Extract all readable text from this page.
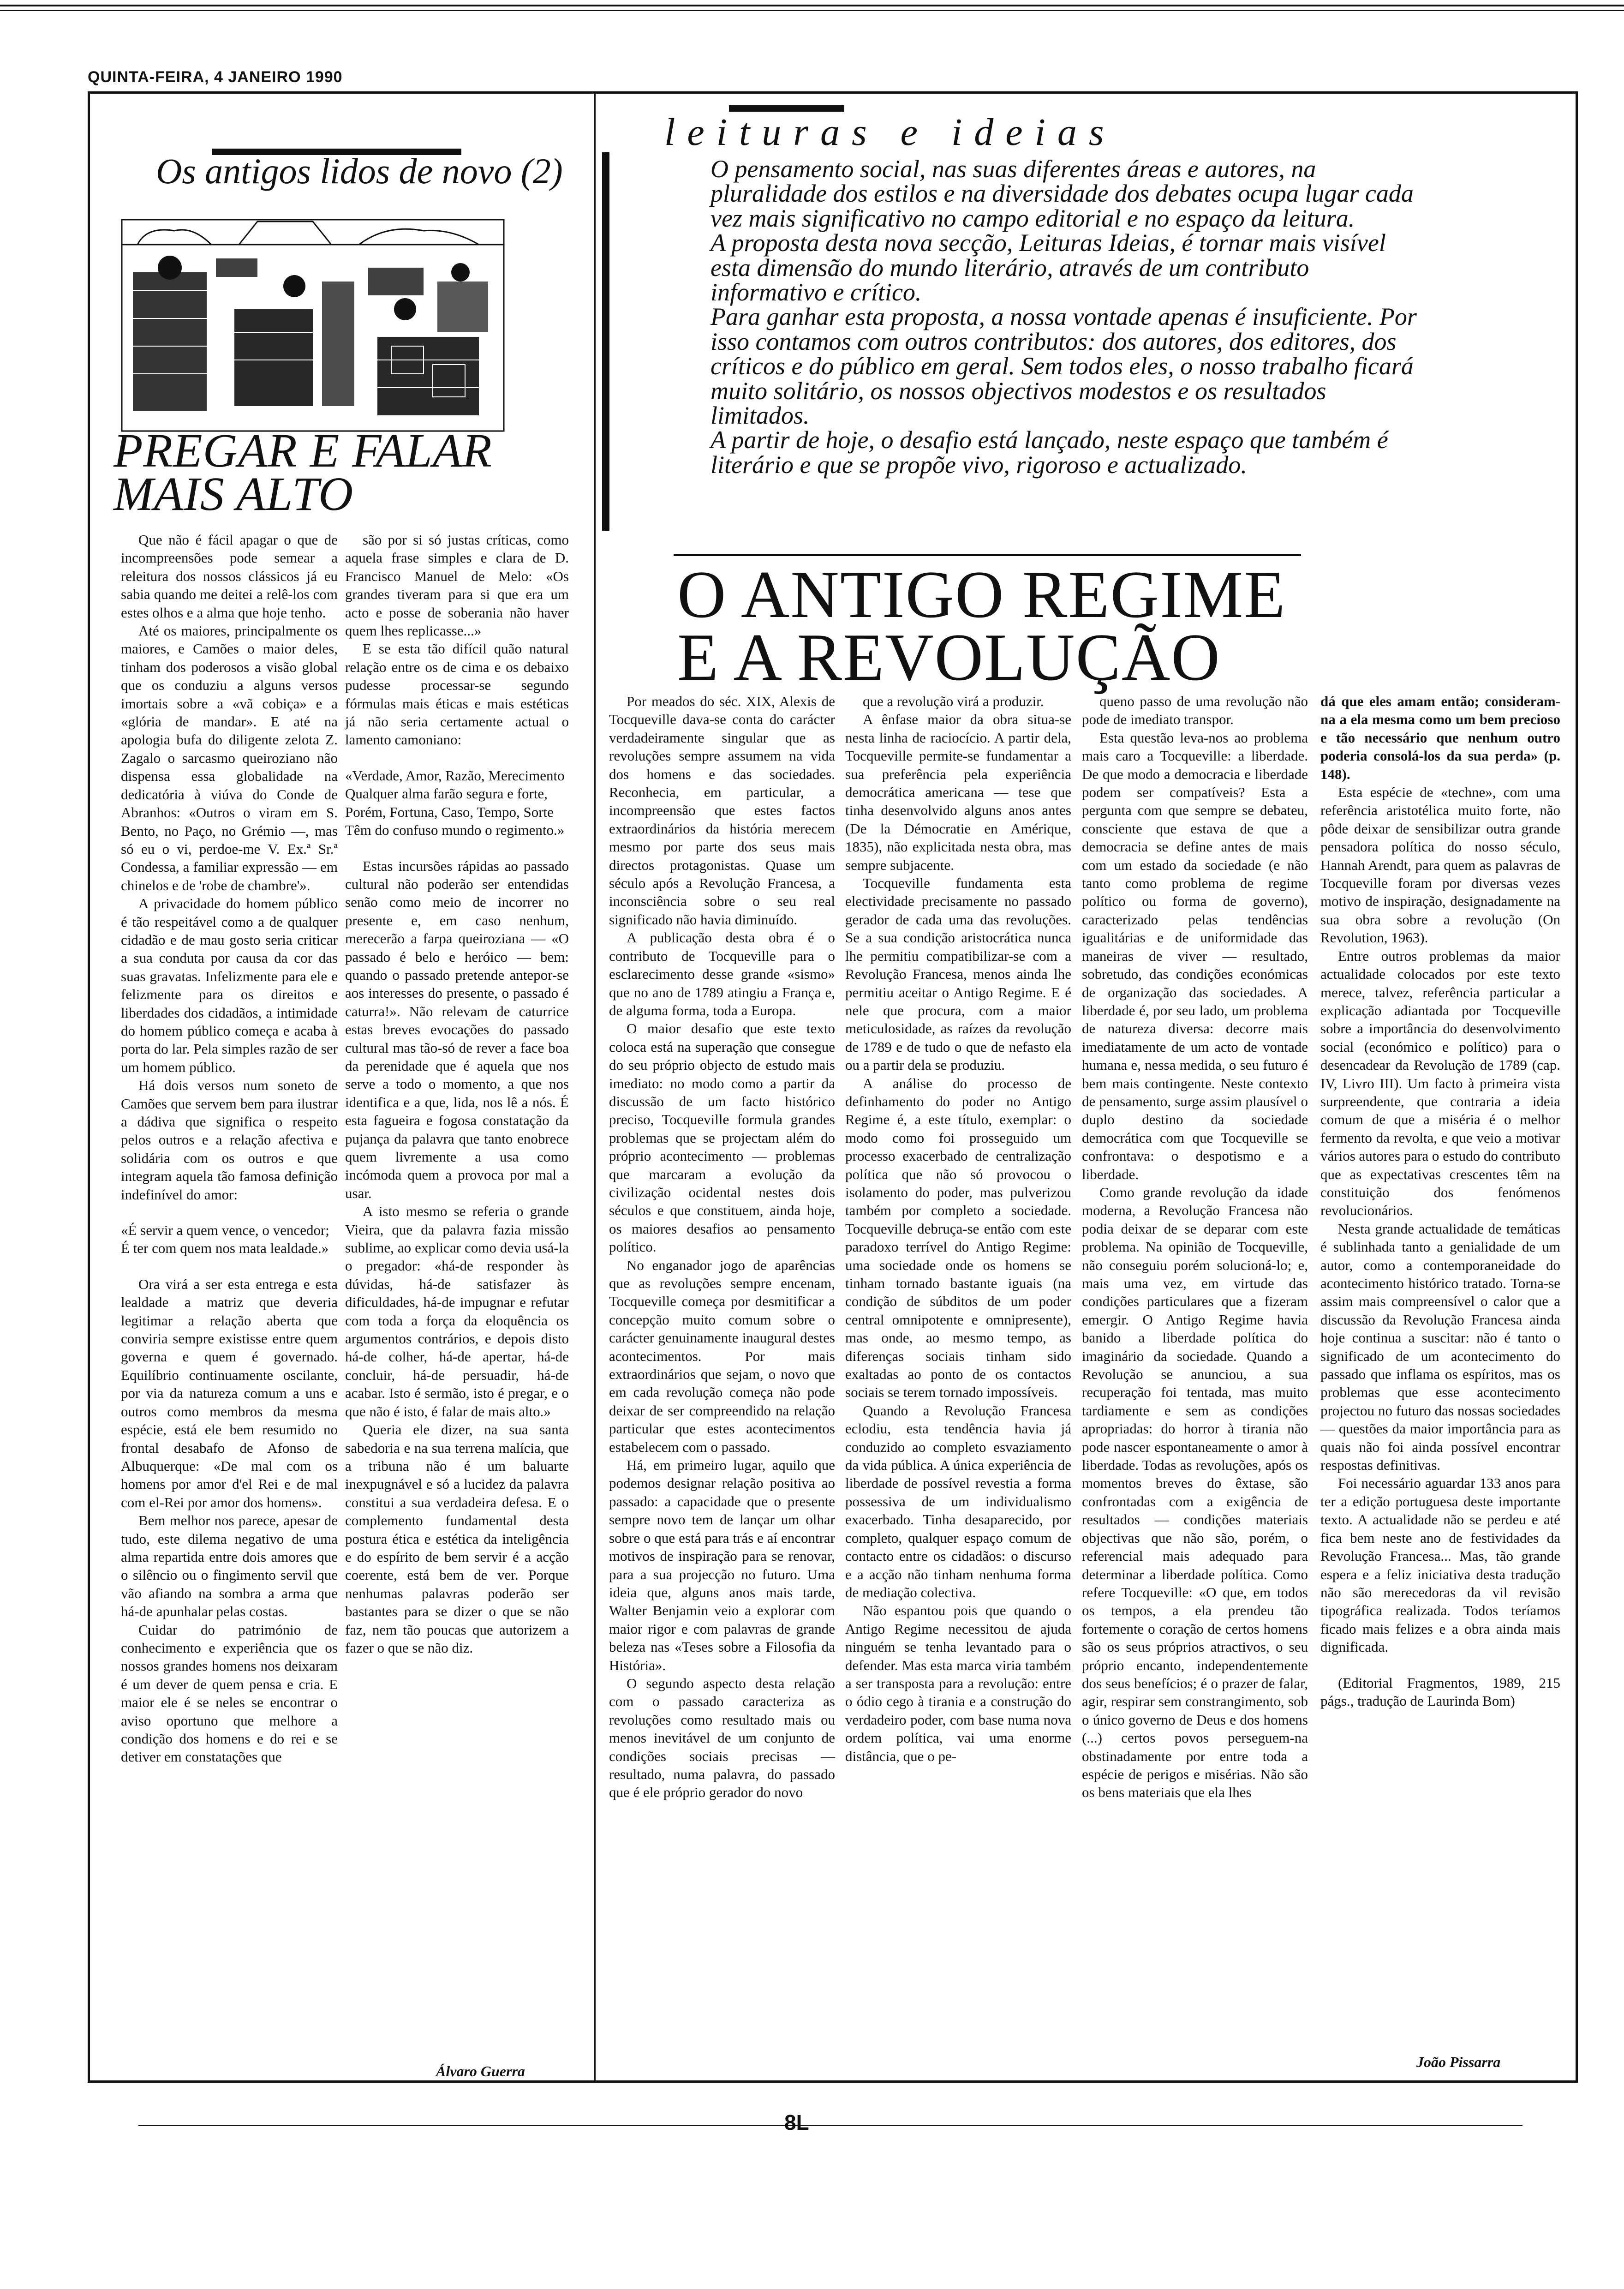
QUINTA-FEIRA, 4 JANEIRO 1990
Os antigos lidos de novo (2)
PREGAR E FALAR
MAIS ALTO

Que não é fácil apagar o que de incompreensões pode semear a releitura dos nossos clássicos já eu sabia quando me deitei a relê-los com estes olhos e a alma que hoje tenho.

Até os maiores, principalmente os maiores, e Camões o maior deles, tinham dos poderosos a visão global que os conduziu a alguns versos imortais sobre a «vã cobiça» e a «glória de mandar». E até na apologia bufa do diligente zelota Z. Zagalo o sarcasmo queiroziano não dispensa essa globalidade na dedicatória à viúva do Conde de Abranhos: «Outros o viram em S. Bento, no Paço, no Grémio —, mas só eu o vi, perdoe-me V. Ex.ª Sr.ª Condessa, a familiar expressão — em chinelos e de 'robe de chambre'».

A privacidade do homem público é tão respeitável como a de qualquer cidadão e de mau gosto seria criticar a sua conduta por causa da cor das suas gravatas. Infelizmente para ele e felizmente para os direitos e liberdades dos cidadãos, a intimidade do homem público começa e acaba à porta do lar. Pela simples razão de ser um homem público.

Há dois versos num soneto de Camões que servem bem para ilustrar a dádiva que significa o respeito pelos outros e a relação afectiva e solidária com os outros e que integram aquela tão famosa definição indefinível do amor:

«É servir a quem vence, o vencedor; É ter com quem nos mata lealdade.»

Ora virá a ser esta entrega e esta lealdade a matriz que deveria legitimar a relação aberta que conviria sempre existisse entre quem governa e quem é governado. Equilíbrio continuamente oscilante, por via da natureza comum a uns e outros como membros da mesma espécie, está ele bem resumido no frontal desabafo de Afonso de Albuquerque: «De mal com os homens por amor d'el Rei e de mal com el-Rei por amor dos homens».

Bem melhor nos parece, apesar de tudo, este dilema negativo de uma alma repartida entre dois amores que o silêncio ou o fingimento servil que vão afiando na sombra a arma que há-de apunhalar pelas costas.

Cuidar do património de conhecimento e experiência que os nossos grandes homens nos deixaram é um dever de quem pensa e cria. E maior ele é se neles se encontrar o aviso oportuno que melhore a condição dos homens e do rei e se detiver em constatações que

são por si só justas críticas, como aquela frase simples e clara de D. Francisco Manuel de Melo: «Os grandes tiveram para si que era um acto e posse de soberania não haver quem lhes replicasse...»

E se esta tão difícil quão natural relação entre os de cima e os debaixo pudesse processar-se segundo fórmulas mais éticas e mais estéticas já não seria certamente actual o lamento camoniano:

«Verdade, Amor, Razão, Merecimento Qualquer alma farão segura e forte, Porém, Fortuna, Caso, Tempo, Sorte Têm do confuso mundo o regimento.»

Estas incursões rápidas ao passado cultural não poderão ser entendidas senão como meio de incorrer no presente e, em caso nenhum, merecerão a farpa queiroziana — «O passado é belo e heróico — bem: quando o passado pretende antepor-se aos interesses do presente, o passado é caturra!». Não relevam de caturrice estas breves evocações do passado cultural mas tão-só de rever a face boa da perenidade que é aquela que nos serve a todo o momento, a que nos identifica e a que, lida, nos lê a nós. É esta fagueira e fogosa constatação da pujança da palavra que tanto enobrece quem livremente a usa como incómoda quem a provoca por mal a usar.

A isto mesmo se referia o grande Vieira, que da palavra fazia missão sublime, ao explicar como devia usá-la o pregador: «há-de responder às dúvidas, há-de satisfazer às dificuldades, há-de impugnar e refutar com toda a força da eloquência os argumentos contrários, e depois disto há-de colher, há-de apertar, há-de concluir, há-de persuadir, há-de acabar. Isto é sermão, isto é pregar, e o que não é isto, é falar de mais alto.»

Queria ele dizer, na sua santa sabedoria e na sua terrena malícia, que a tribuna não é um baluarte inexpugnável e só a lucidez da palavra constitui a sua verdadeira defesa. E o complemento fundamental desta postura ética e estética da inteligência e do espírito de bem servir é a acção coerente, está bem de ver. Porque nenhumas palavras poderão ser bastantes para se dizer o que se não faz, nem tão poucas que autorizem a fazer o que se não diz.

Álvaro Guerra
leituras e ideias

O pensamento social, nas suas diferentes áreas e autores, na pluralidade dos estilos e na diversidade dos debates ocupa lugar cada vez mais significativo no campo editorial e no espaço da leitura.

A proposta desta nova secção, Leituras Ideias, é tornar mais visível esta dimensão do mundo literário, através de um contributo informativo e crítico.

Para ganhar esta proposta, a nossa vontade apenas é insuficiente. Por isso contamos com outros contributos: dos autores, dos editores, dos críticos e do público em geral. Sem todos eles, o nosso trabalho ficará muito solitário, os nossos objectivos modestos e os resultados limitados.

A partir de hoje, o desafio está lançado, neste espaço que também é literário e que se propõe vivo, rigoroso e actualizado.

O ANTIGO REGIME
E A REVOLUÇÃO

Por meados do séc. XIX, Alexis de Tocqueville dava-se conta do carácter verdadeiramente singular que as revoluções sempre assumem na vida dos homens e das sociedades. Reconhecia, em particular, a incompreensão que estes factos extraordinários da história merecem mesmo por parte dos seus mais directos protagonistas. Quase um século após a Revolução Francesa, a inconsciência sobre o seu real significado não havia diminuído.

A publicação desta obra é o contributo de Tocqueville para o esclarecimento desse grande «sismo» que no ano de 1789 atingiu a França e, de alguma forma, toda a Europa.

O maior desafio que este texto coloca está na superação que consegue do seu próprio objecto de estudo mais imediato: no modo como a partir da discussão de um facto histórico preciso, Tocqueville formula grandes problemas que se projectam além do próprio acontecimento — problemas que marcaram a evolução da civilização ocidental nestes dois séculos e que constituem, ainda hoje, os maiores desafios ao pensamento político.

No enganador jogo de aparências que as revoluções sempre encenam, Tocqueville começa por desmitificar a concepção muito comum sobre o carácter genuinamente inaugural destes acontecimentos. Por mais extraordinários que sejam, o novo que em cada revolução começa não pode deixar de ser compreendido na relação particular que estes acontecimentos estabelecem com o passado.

Há, em primeiro lugar, aquilo que podemos designar relação positiva ao passado: a capacidade que o presente sempre novo tem de lançar um olhar sobre o que está para trás e aí encontrar motivos de inspiração para se renovar, para a sua projecção no futuro. Uma ideia que, alguns anos mais tarde, Walter Benjamin veio a explorar com maior rigor e com palavras de grande beleza nas «Teses sobre a Filosofia da História».

O segundo aspecto desta relação com o passado caracteriza as revoluções como resultado mais ou menos inevitável de um conjunto de condições sociais precisas — resultado, numa palavra, do passado que é ele próprio gerador do novo

que a revolução virá a produzir.

A ênfase maior da obra situa-se nesta linha de raciocício. A partir dela, Tocqueville permite-se fundamentar a sua preferência pela experiência democrática americana — tese que tinha desenvolvido alguns anos antes (De la Démocratie en Amérique, 1835), não explicitada nesta obra, mas sempre subjacente.

Tocqueville fundamenta esta electividade precisamente no passado gerador de cada uma das revoluções. Se a sua condição aristocrática nunca lhe permitiu compatibilizar-se com a Revolução Francesa, menos ainda lhe permitiu aceitar o Antigo Regime. E é nele que procura, com a maior meticulosidade, as raízes da revolução de 1789 e de tudo o que de nefasto ela ou a partir dela se produziu.

A análise do processo de definhamento do poder no Antigo Regime é, a este título, exemplar: o modo como foi prosseguido um processo exacerbado de centralização política que não só provocou o isolamento do poder, mas pulverizou também por completo a sociedade. Tocqueville debruça-se então com este paradoxo terrível do Antigo Regime: uma sociedade onde os homens se tinham tornado bastante iguais (na condição de súbditos de um poder central omnipotente e omnipresente), mas onde, ao mesmo tempo, as diferenças sociais tinham sido exaltadas ao ponto de os contactos sociais se terem tornado impossíveis.

Quando a Revolução Francesa eclodiu, esta tendência havia já conduzido ao completo esvaziamento da vida pública. A única experiência de liberdade de possível revestia a forma possessiva de um individualismo exacerbado. Tinha desaparecido, por completo, qualquer espaço comum de contacto entre os cidadãos: o discurso e a acção não tinham nenhuma forma de mediação colectiva.

Não espantou pois que quando o Antigo Regime necessitou de ajuda ninguém se tenha levantado para o defender. Mas esta marca viria também a ser transposta para a revolução: entre o ódio cego à tirania e a construção do verdadeiro poder, com base numa nova ordem política, vai uma enorme distância, que o pe-

queno passo de uma revolução não pode de imediato transpor.

Esta questão leva-nos ao problema mais caro a Tocqueville: a liberdade. De que modo a democracia e liberdade podem ser compatíveis? Esta a pergunta com que sempre se debateu, consciente que estava de que a democracia se define antes de mais com um estado da sociedade (e não tanto como problema de regime político ou forma de governo), caracterizado pelas tendências igualitárias e de uniformidade das maneiras de viver — resultado, sobretudo, das condições económicas de organização das sociedades. A liberdade é, por seu lado, um problema de natureza diversa: decorre mais imediatamente de um acto de vontade humana e, nessa medida, o seu futuro é bem mais contingente. Neste contexto de pensamento, surge assim plausível o duplo destino da sociedade democrática com que Tocqueville se confrontava: o despotismo e a liberdade.

Como grande revolução da idade moderna, a Revolução Francesa não podia deixar de se deparar com este problema. Na opinião de Tocqueville, não conseguiu porém solucioná-lo; e, mais uma vez, em virtude das condições particulares que a fizeram emergir. O Antigo Regime havia banido a liberdade política do imaginário da sociedade. Quando a Revolução se anunciou, a sua recuperação foi tentada, mas muito tardiamente e sem as condições apropriadas: do horror à tirania não pode nascer espontaneamente o amor à liberdade. Todas as revoluções, após os momentos breves do êxtase, são confrontadas com a exigência de resultados — condições materiais objectivas que não são, porém, o referencial mais adequado para determinar a liberdade política. Como refere Tocqueville: «O que, em todos os tempos, a ela prendeu tão fortemente o coração de certos homens são os seus próprios atractivos, o seu próprio encanto, independentemente dos seus benefícios; é o prazer de falar, agir, respirar sem constrangimento, sob o único governo de Deus e dos homens (...) certos povos perseguem-na obstinadamente por entre toda a espécie de perigos e misérias. Não são os bens materiais que ela lhes

dá que eles amam então; consideram-na a ela mesma como um bem precioso e tão necessário que nenhum outro poderia consolá-los da sua perda» (p. 148).

Esta espécie de «techne», com uma referência aristotélica muito forte, não pôde deixar de sensibilizar outra grande pensadora política do nosso século, Hannah Arendt, para quem as palavras de Tocqueville foram por diversas vezes motivo de inspiração, designadamente na sua obra sobre a revolução (On Revolution, 1963).

Entre outros problemas da maior actualidade colocados por este texto merece, talvez, referência particular a explicação adiantada por Tocqueville sobre a importância do desenvolvimento social (económico e político) para o desencadear da Revolução de 1789 (cap. IV, Livro III). Um facto à primeira vista surpreendente, que contraria a ideia comum de que a miséria é o melhor fermento da revolta, e que veio a motivar vários autores para o estudo do contributo que as expectativas crescentes têm na constituição dos fenómenos revolucionários.

Nesta grande actualidade de temáticas é sublinhada tanto a genialidade de um autor, como a contemporaneidade do acontecimento histórico tratado. Torna-se assim mais compreensível o calor que a discussão da Revolução Francesa ainda hoje continua a suscitar: não é tanto o significado de um acontecimento do passado que inflama os espíritos, mas os problemas que esse acontecimento projectou no futuro das nossas sociedades — questões da maior importância para as quais não foi ainda possível encontrar respostas definitivas.

Foi necessário aguardar 133 anos para ter a edição portuguesa deste importante texto. A actualidade não se perdeu e até fica bem neste ano de festividades da Revolução Francesa... Mas, tão grande espera e a feliz iniciativa desta tradução não são merecedoras da vil revisão tipográfica realizada. Todos teríamos ficado mais felizes e a obra ainda mais dignificada.

(Editorial Fragmentos, 1989, 215 págs., tradução de Laurinda Bom)

João Pissarra
8L
